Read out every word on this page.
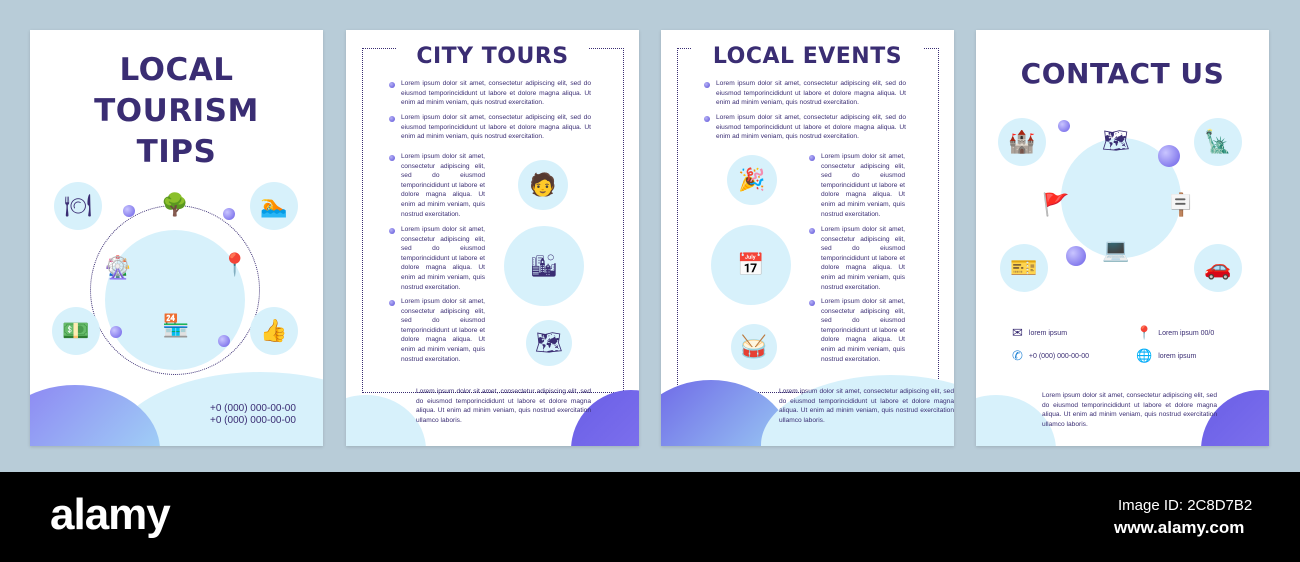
LOCAL
TOURISM
TIPS
🍽	🌳	🏊
🎡	📍
💵	🏪	👍
+0 (000) 000-00-00
+0 (000) 000-00-00
CITY TOURS
Lorem ipsum dolor sit amet, consectetur adipiscing elit, sed do eiusmod temporincididunt ut labore et dolore magna aliqua. Ut enim ad minim veniam, quis nostrud exercitation.
Lorem ipsum dolor sit amet, consectetur adipiscing elit, sed do eiusmod temporincididunt ut labore et dolore magna aliqua. Ut enim ad minim veniam, quis nostrud exercitation.
Lorem ipsum dolor sit amet, consectetur adipiscing elit, sed do eiusmod temporincididunt ut labore et dolore magna aliqua. Ut enim ad minim veniam, quis nostrud exercitation.
Lorem ipsum dolor sit amet, consectetur adipiscing elit, sed do eiusmod temporincididunt ut labore et dolore magna aliqua. Ut enim ad minim veniam, quis nostrud exercitation.
Lorem ipsum dolor sit amet, consectetur adipiscing elit, sed do eiusmod temporincididunt ut labore et dolore magna aliqua. Ut enim ad minim veniam, quis nostrud exercitation.
🧑
🏙
🗺
Lorem ipsum dolor sit amet, consectetur adipiscing elit, sed do eiusmod temporincididunt ut labore et dolore magna aliqua. Ut enim ad minim veniam, quis nostrud exercitation ullamco laboris.
LOCAL EVENTS
Lorem ipsum dolor sit amet, consectetur adipiscing elit, sed do eiusmod temporincididunt ut labore et dolore magna aliqua. Ut enim ad minim veniam, quis nostrud exercitation.
Lorem ipsum dolor sit amet, consectetur adipiscing elit, sed do eiusmod temporincididunt ut labore et dolore magna aliqua. Ut enim ad minim veniam, quis nostrud exercitation.
Lorem ipsum dolor sit amet, consectetur adipiscing elit, sed do eiusmod temporincididunt ut labore et dolore magna aliqua. Ut enim ad minim veniam, quis nostrud exercitation.
Lorem ipsum dolor sit amet, consectetur adipiscing elit, sed do eiusmod temporincididunt ut labore et dolore magna aliqua. Ut enim ad minim veniam, quis nostrud exercitation.
Lorem ipsum dolor sit amet, consectetur adipiscing elit, sed do eiusmod temporincididunt ut labore et dolore magna aliqua. Ut enim ad minim veniam, quis nostrud exercitation.
🎉
📅
🥁
Lorem ipsum dolor sit amet, consectetur adipiscing elit, sed do eiusmod temporincididunt ut labore et dolore magna aliqua. Ut enim ad minim veniam, quis nostrud exercitation ullamco laboris.
CONTACT US
🏰	🗺	🗽
🚩	🪧
💻
🎫	🚗
✉ lorem ipsum	📍 Lorem ipsum 00/0
✆ +0 (000) 000-00-00	🌐 lorem ipsum
Lorem ipsum dolor sit amet, consectetur adipiscing elit, sed do eiusmod temporincididunt ut labore et dolore magna aliqua. Ut enim ad minim veniam, quis nostrud exercitation ullamco laboris.
alamy	Image ID: 2C8D7B2
www.alamy.com
